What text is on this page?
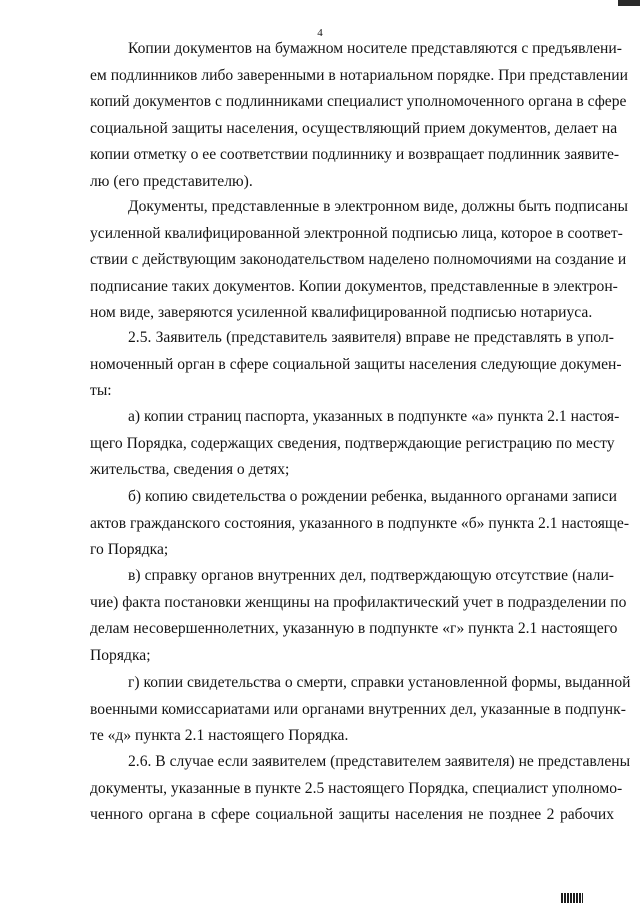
4
Копии документов на бумажном носителе представляются с предъявлени-
ем подлинников либо заверенными в нотариальном порядке. При представлении
копий документов с подлинниками специалист уполномоченного органа в сфере
социальной защиты населения, осуществляющий прием документов, делает на
копии отметку о ее соответствии подлиннику и возвращает подлинник заявите-
лю (его представителю).
Документы, представленные в электронном виде, должны быть подписаны
усиленной квалифицированной электронной подписью лица, которое в соответ-
ствии с действующим законодательством наделено полномочиями на создание и
подписание таких документов. Копии документов, представленные в электрон-
ном виде, заверяются усиленной квалифицированной подписью нотариуса.
2.5. Заявитель (представитель заявителя) вправе не представлять в упол-
номоченный орган в сфере социальной защиты населения следующие докумен-
ты:
а) копии страниц паспорта, указанных в подпункте «а» пункта 2.1 настоя-
щего Порядка, содержащих сведения, подтверждающие регистрацию по месту
жительства, сведения о детях;
б) копию свидетельства о рождении ребенка, выданного органами записи
актов гражданского состояния, указанного в подпункте «б» пункта 2.1 настояще-
го Порядка;
в) справку органов внутренних дел, подтверждающую отсутствие (нали-
чие) факта постановки женщины на профилактический учет в подразделении по
делам несовершеннолетних, указанную в подпункте «г» пункта 2.1 настоящего
Порядка;
г) копии свидетельства о смерти, справки установленной формы, выданной
военными комиссариатами или органами внутренних дел, указанные в подпунк-
те «д» пункта 2.1 настоящего Порядка.
2.6. В случае если заявителем (представителем заявителя) не представлены
документы, указанные в пункте 2.5 настоящего Порядка, специалист уполномо-
ченного органа в сфере социальной защиты населения не позднее 2 рабочих
